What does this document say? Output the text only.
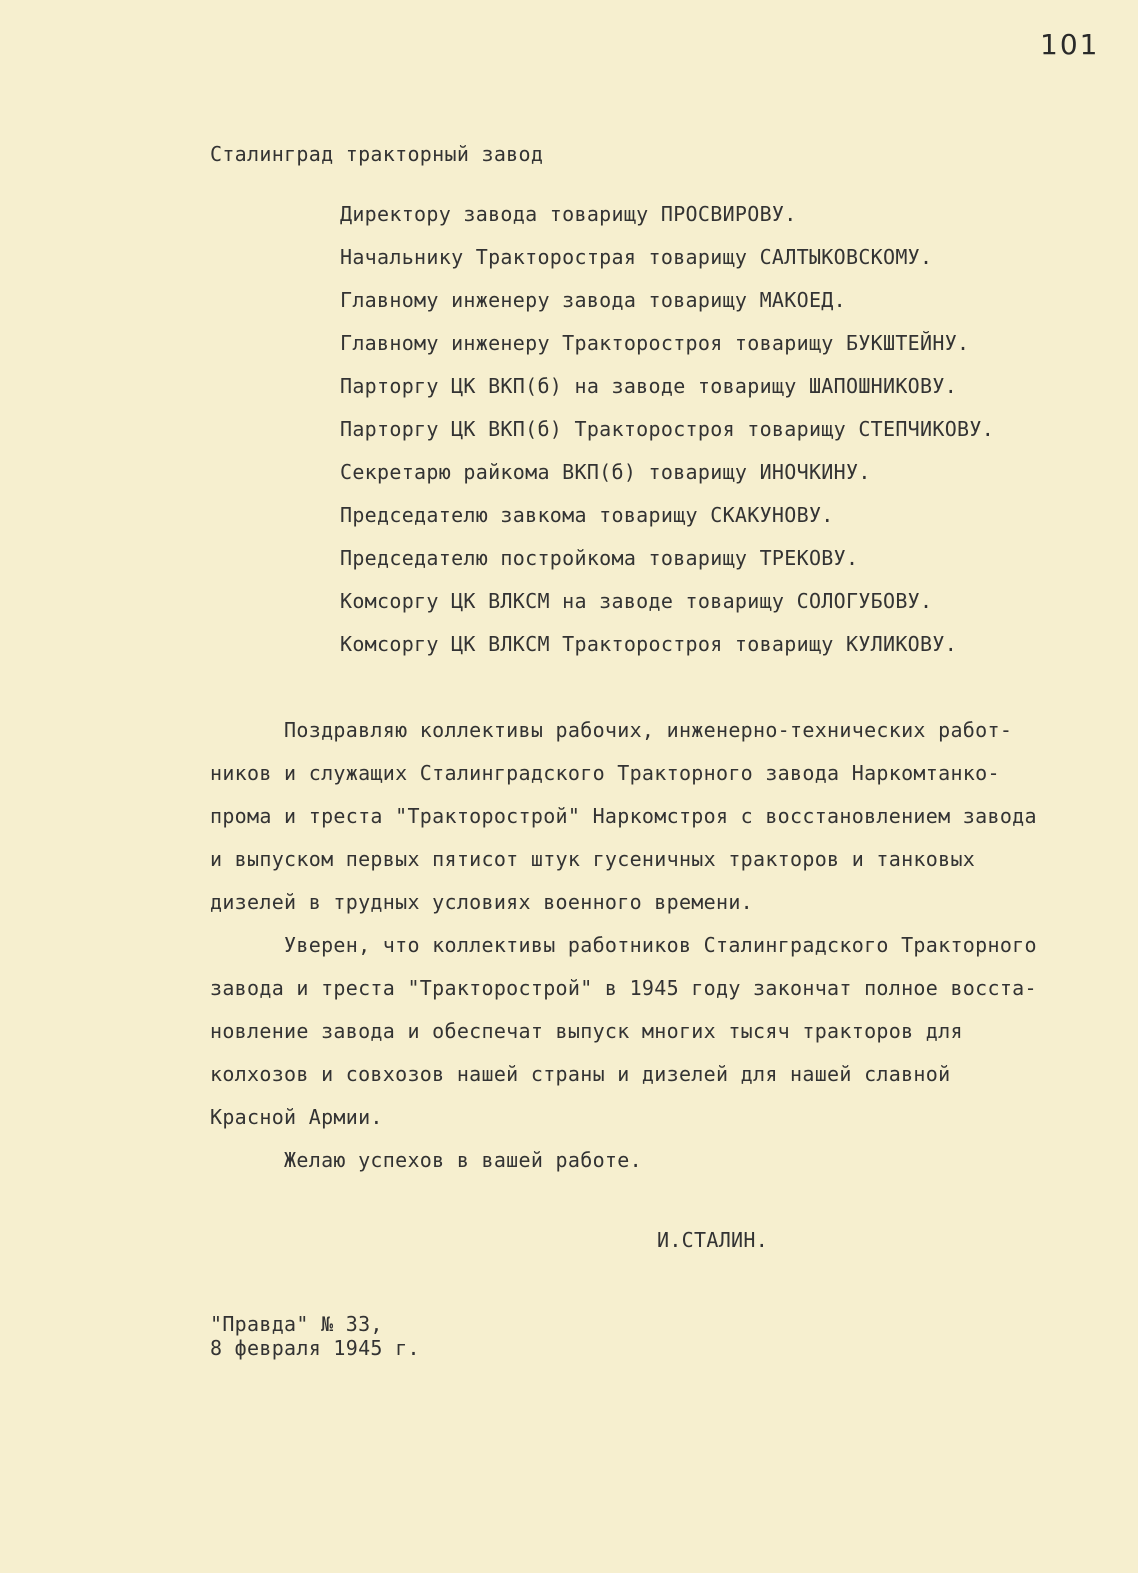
101
Сталинград тракторный завод
Директору завода товарищу ПРОСВИРОВУ.
Начальнику Тракторострая товарищу САЛТЫКОВСКОМУ.
Главному инженеру завода товарищу МАКОЕД.
Главному инженеру Тракторостроя товарищу БУКШТЕЙНУ.
Парторгу ЦК ВКП(б) на заводе товарищу ШАПОШНИКОВУ.
Парторгу ЦК ВКП(б) Тракторостроя товарищу СТЕПЧИКОВУ.
Секретарю райкома ВКП(б) товарищу ИНОЧКИНУ.
Председателю завкома товарищу СКАКУНОВУ.
Председателю постройкома товарищу ТРЕКОВУ.
Комсоргу ЦК ВЛКСМ на заводе товарищу СОЛОГУБОВУ.
Комсоргу ЦК ВЛКСМ Тракторостроя товарищу КУЛИКОВУ.
Поздравляю коллективы рабочих, инженерно-технических работ-
ников и служащих Сталинградского Тракторного завода Наркомтанко-
прома и треста "Тракторострой" Наркомстроя с восстановлением завода
и выпуском первых пятисот штук гусеничных тракторов и танковых
дизелей в трудных условиях военного времени.
Уверен, что коллективы работников Сталинградского Тракторного
завода и треста "Тракторострой" в 1945 году закончат полное восста-
новление завода и обеспечат выпуск многих тысяч тракторов для
колхозов и совхозов нашей страны и дизелей для нашей славной
Красной Армии.
Желаю успехов в вашей работе.
И.СТАЛИН.
"Правда" № 33,
8 февраля 1945 г.
